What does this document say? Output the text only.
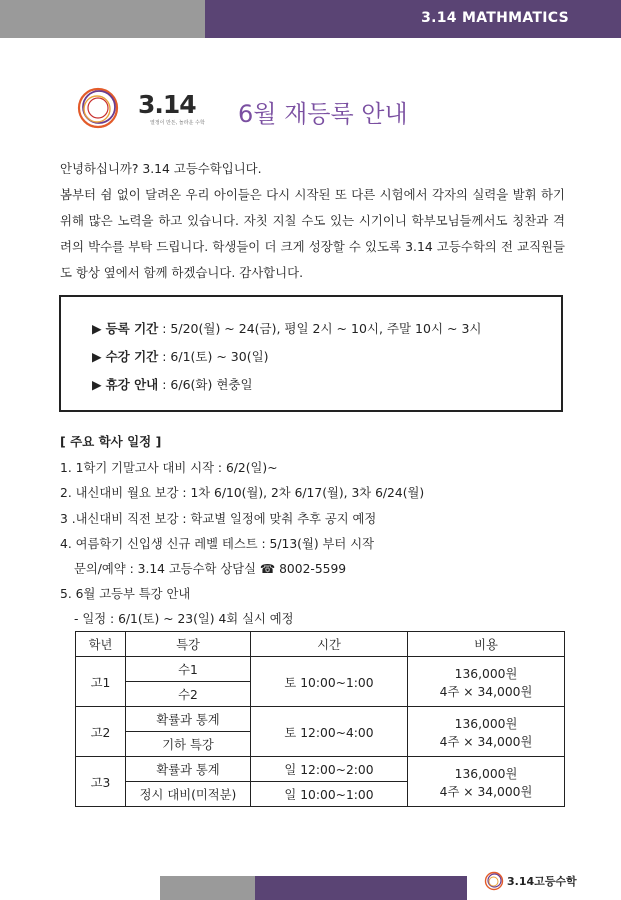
3.14 MATHMATICS
3.14
열정이 만든, 놀라운 수학 6월 재등록 안내

안녕하십니까? 3.14 고등수학입니다.

봄부터 쉼 없이 달려온 우리 아이들은 다시 시작된 또 다른 시험에서 각자의 실력을 발휘 하기 위해 많은 노력을 하고 있습니다. 자칫 지칠 수도 있는 시기이니 학부모님들께서도 칭찬과 격려의 박수를 부탁 드립니다. 학생들이 더 크게 성장할 수 있도록 3.14 고등수학의 전 교직원들도 항상 옆에서 함께 하겠습니다. 감사합니다.

▶ 등록 기간 : 5/20(월) ~ 24(금), 평일 2시 ~ 10시, 주말 10시 ~ 3시
▶ 수강 기간 : 6/1(토) ~ 30(일)
▶ 휴강 안내 : 6/6(화) 현충일
[ 주요 학사 일정 ]
1. 1학기 기말고사 대비 시작 : 6/2(일)~
2. 내신대비 월요 보강 : 1차 6/10(월), 2차 6/17(월), 3차 6/24(월)
3 .내신대비 직전 보강 : 학교별 일정에 맞춰 추후 공지 예정
4. 여름학기 신입생 신규 레벨 테스트 : 5/13(월) 부터 시작
문의/예약 : 3.14 고등수학 상담실 ☎ 8002-5599
5. 6월 고등부 특강 안내
- 일정 : 6/1(토) ~ 23(일) 4회 실시 예정
학년	특강	시간	비용
고1	수1	토 10:00~1:00	136,000원
4주 × 34,000원

	수2		
고2	확률과 통계	토 12:00~4:00	136,000원
4주 × 34,000원

	기하 특강		
고3	확률과 통계	일 12:00~2:00	136,000원
4주 × 34,000원

	정시 대비(미적분)	일 10:00~1:00	
3.14고등수학
